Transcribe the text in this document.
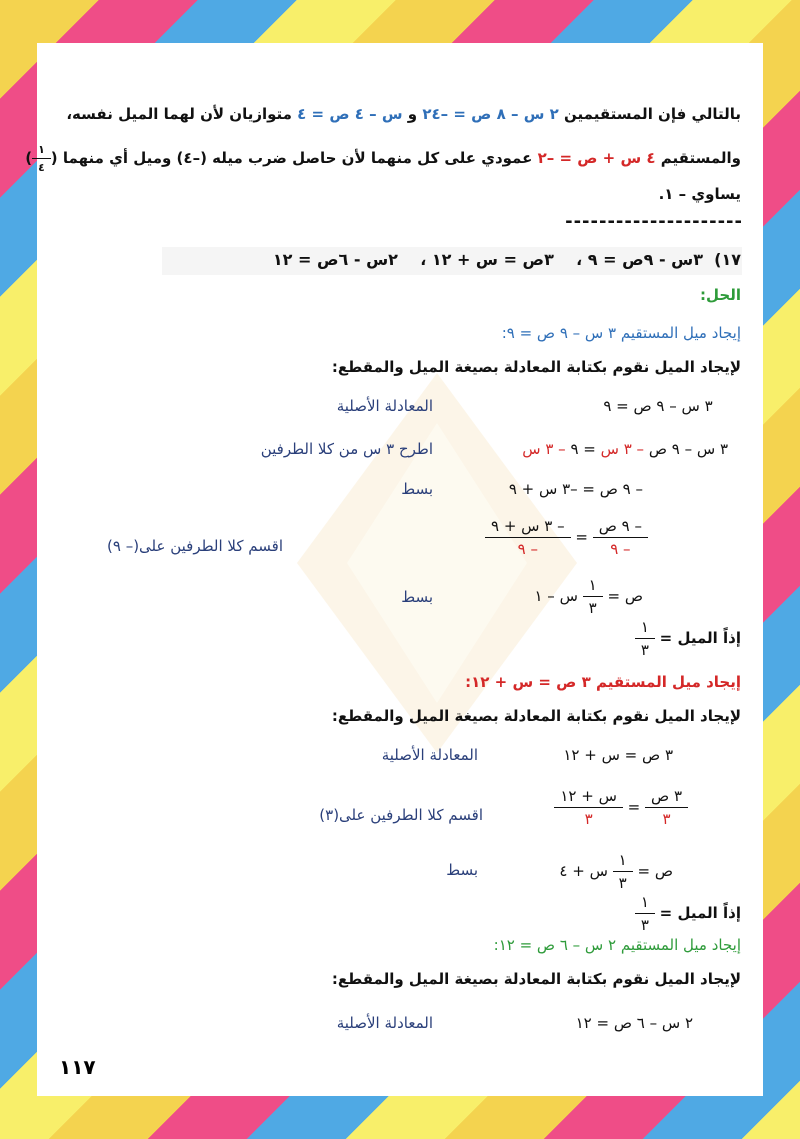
بالتالي فإن المستقيمين ٢ س – ٨ ص = –٢٤ و س – ٤ ص = ٤ متوازيان لأن لهما الميل نفسه،
والمستقيم ٤ س + ص = –٢ عمودي على كل منهما لأن حاصل ضرب ميله (–٤) وميل أي منهما (
$\frac{١}{٤}$
)
يساوي – ١.
---------------------
١٧)  ٣س - ٩ص = ٩ ،    ٣ص = س + ١٢ ،    ٢س - ٦ص = ١٢
الحل:
إيجاد ميل المستقيم ٣ س – ٩ ص = ٩:
لإيجاد الميل نقوم بكتابة المعادلة بصيغة الميل والمقطع:
٣ س – ٩ ص = ٩
المعادلة الأصلية
٣ س – ٩ ص – ٣ س = ٩ – ٣ س
اطرح ٣ س من كلا الطرفين
– ٩ ص = –٣ س + ٩
بسط
$\frac{\text{– ٩ ص}}{- ٩}$
=
$\frac{\text{– ٣ س + ٩}}{- ٩}$
اقسم كلا الطرفين على(– ٩)
ص =
$\frac{١}{٣}$
س – ١
بسط
إذاً الميل =
$\frac{١}{٣}$
إيجاد ميل المستقيم ٣ ص = س + ١٢:
لإيجاد الميل نقوم بكتابة المعادلة بصيغة الميل والمقطع:
٣ ص = س + ١٢
المعادلة الأصلية
$\frac{\text{٣ ص}}{٣}$
=
$\frac{\text{س + ١٢}}{٣}$
اقسم كلا الطرفين على(٣)
ص =
$\frac{١}{٣}$
س + ٤
بسط
إذاً الميل =
$\frac{١}{٣}$
إيجاد ميل المستقيم ٢ س – ٦ ص = ١٢:
لإيجاد الميل نقوم بكتابة المعادلة بصيغة الميل والمقطع:
٢ س – ٦ ص = ١٢
المعادلة الأصلية
١١٧
